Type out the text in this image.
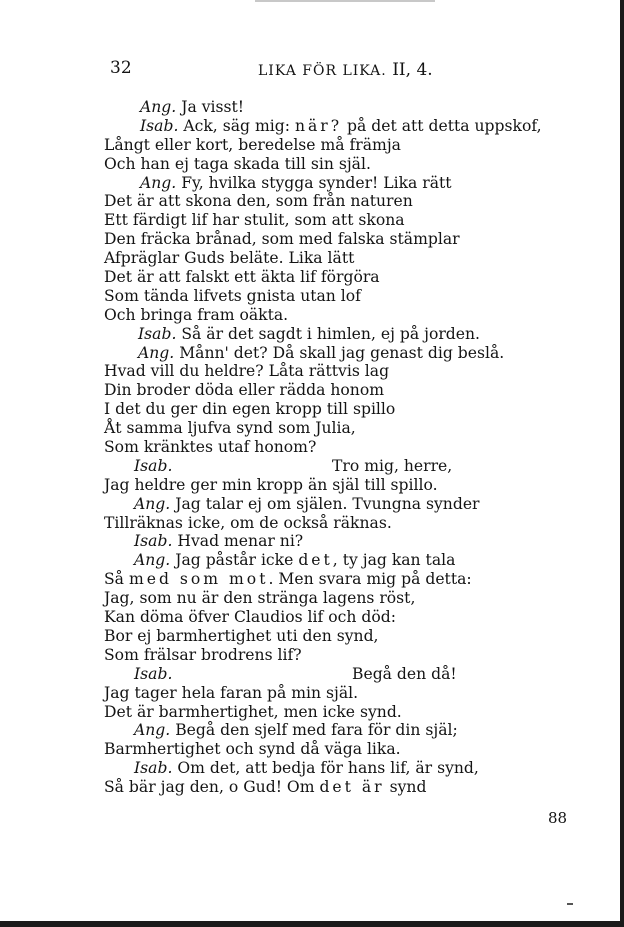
32	LIKA FÖR LIKA. II, 4.
Ang. Ja visst!
Isab. Ack, säg mig: när? på det att detta uppskof,
Långt eller kort, beredelse må främja
Och han ej taga skada till sin själ.
Ang. Fy, hvilka stygga synder! Lika rätt
Det är att skona den, som från naturen
Ett färdigt lif har stulit, som att skona
Den fräcka brånad, som med falska stämplar
Afpräglar Guds beläte. Lika lätt
Det är att falskt ett äkta lif förgöra
Som tända lifvets gnista utan lof
Och bringa fram oäkta.
Isab. Så är det sagdt i himlen, ej på jorden.
Ang. Månn' det? Då skall jag genast dig beslå.
Hvad vill du heldre? Låta rättvis lag
Din broder döda eller rädda honom
I det du ger din egen kropp till spillo
Åt samma ljufva synd som Julia,
Som kränktes utaf honom?
Isab.	Tro mig, herre,
Jag heldre ger min kropp än själ till spillo.
Ang. Jag talar ej om själen. Tvungna synder
Tillräknas icke, om de också räknas.
Isab. Hvad menar ni?
Ang. Jag påstår icke det, ty jag kan tala
Så med som mot. Men svara mig på detta:
Jag, som nu är den stränga lagens röst,
Kan döma öfver Claudios lif och död:
Bor ej barmhertighet uti den synd,
Som frälsar brodrens lif?
Isab.	Begå den då!
Jag tager hela faran på min själ.
Det är barmhertighet, men icke synd.
Ang. Begå den sjelf med fara för din själ;
Barmhertighet och synd då väga lika.
Isab. Om det, att bedja för hans lif, är synd,
Så bär jag den, o Gud! Om det är synd
88
